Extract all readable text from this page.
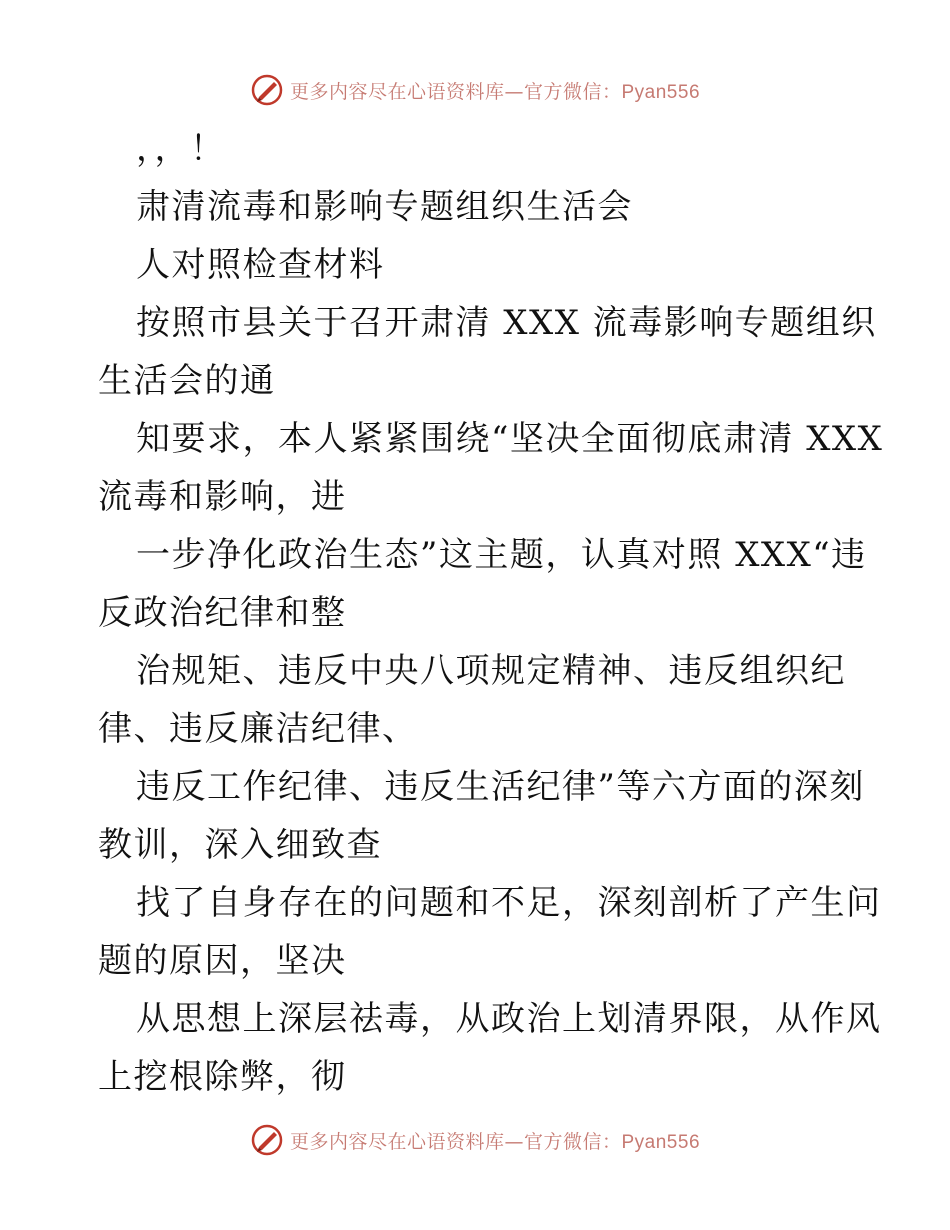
更多内容尽在心语资料库—官方微信：Pyan556
，，！
肃清流毒和影响专题组织生活会
人对照检查材料
按照市县关于召开肃清 XXX 流毒影响专题组织
生活会的通
知要求，本人紧紧围绕“坚决全面彻底肃清 XXX
流毒和影响，进
一步净化政治生态”这主题，认真对照 XXX“违
反政治纪律和整
治规矩、违反中央八项规定精神、违反组织纪
律、违反廉洁纪律、
违反工作纪律、违反生活纪律”等六方面的深刻
教训，深入细致查
找了自身存在的问题和不足，深刻剖析了产生问
题的原因，坚决
从思想上深层祛毒，从政治上划清界限，从作风
上挖根除弊，彻
更多内容尽在心语资料库—官方微信：Pyan556
